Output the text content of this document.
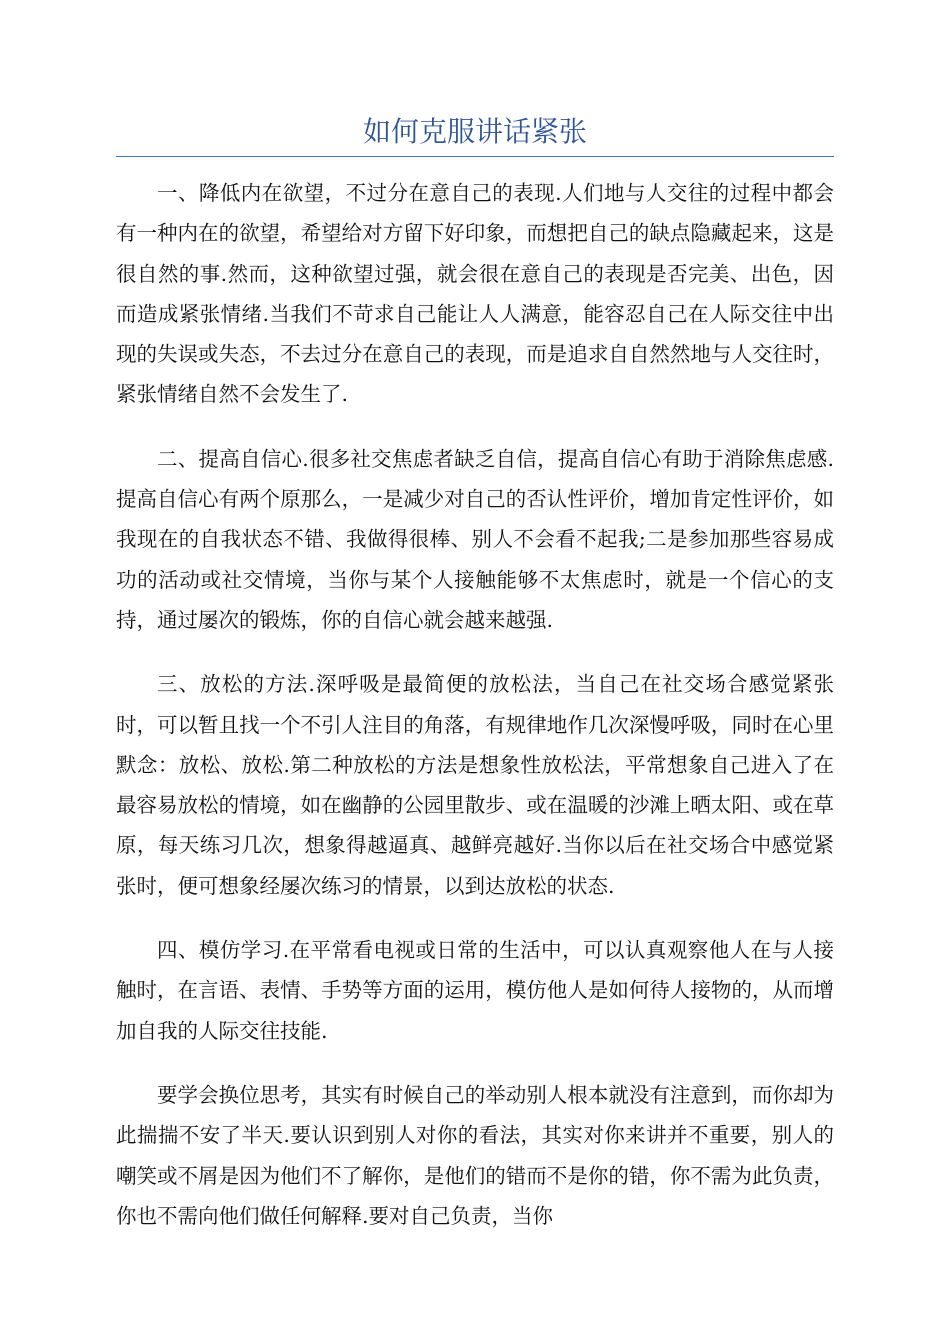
如何克服讲话紧张

一、降低内在欲望，不过分在意自己的表现.人们地与人交往的过程中都会有一种内在的欲望，希望给对方留下好印象，而想把自己的缺点隐藏起来，这是很自然的事.然而，这种欲望过强，就会很在意自己的表现是否完美、出色，因而造成紧张情绪.当我们不苛求自己能让人人满意，能容忍自己在人际交往中出现的失误或失态，不去过分在意自己的表现，而是追求自自然然地与人交往时，紧张情绪自然不会发生了.

二、提高自信心.很多社交焦虑者缺乏自信，提高自信心有助于消除焦虑感.提高自信心有两个原那么，一是减少对自己的否认性评价，增加肯定性评价，如我现在的自我状态不错、我做得很棒、别人不会看不起我;二是参加那些容易成功的活动或社交情境，当你与某个人接触能够不太焦虑时，就是一个信心的支持，通过屡次的锻炼，你的自信心就会越来越强.

三、放松的方法.深呼吸是最简便的放松法，当自己在社交场合感觉紧张时，可以暂且找一个不引人注目的角落，有规律地作几次深慢呼吸，同时在心里默念：放松、放松.第二种放松的方法是想象性放松法，平常想象自己进入了在最容易放松的情境，如在幽静的公园里散步、或在温暖的沙滩上晒太阳、或在草原，每天练习几次，想象得越逼真、越鲜亮越好.当你以后在社交场合中感觉紧张时，便可想象经屡次练习的情景，以到达放松的状态.

四、模仿学习.在平常看电视或日常的生活中，可以认真观察他人在与人接触时，在言语、表情、手势等方面的运用，模仿他人是如何待人接物的，从而增加自我的人际交往技能.

要学会换位思考，其实有时候自己的举动别人根本就没有注意到，而你却为此揣揣不安了半天.要认识到别人对你的看法，其实对你来讲并不重要，别人的嘲笑或不屑是因为他们不了解你，是他们的错而不是你的错，你不需为此负责，你也不需向他们做任何解释.要对自己负责，当你
